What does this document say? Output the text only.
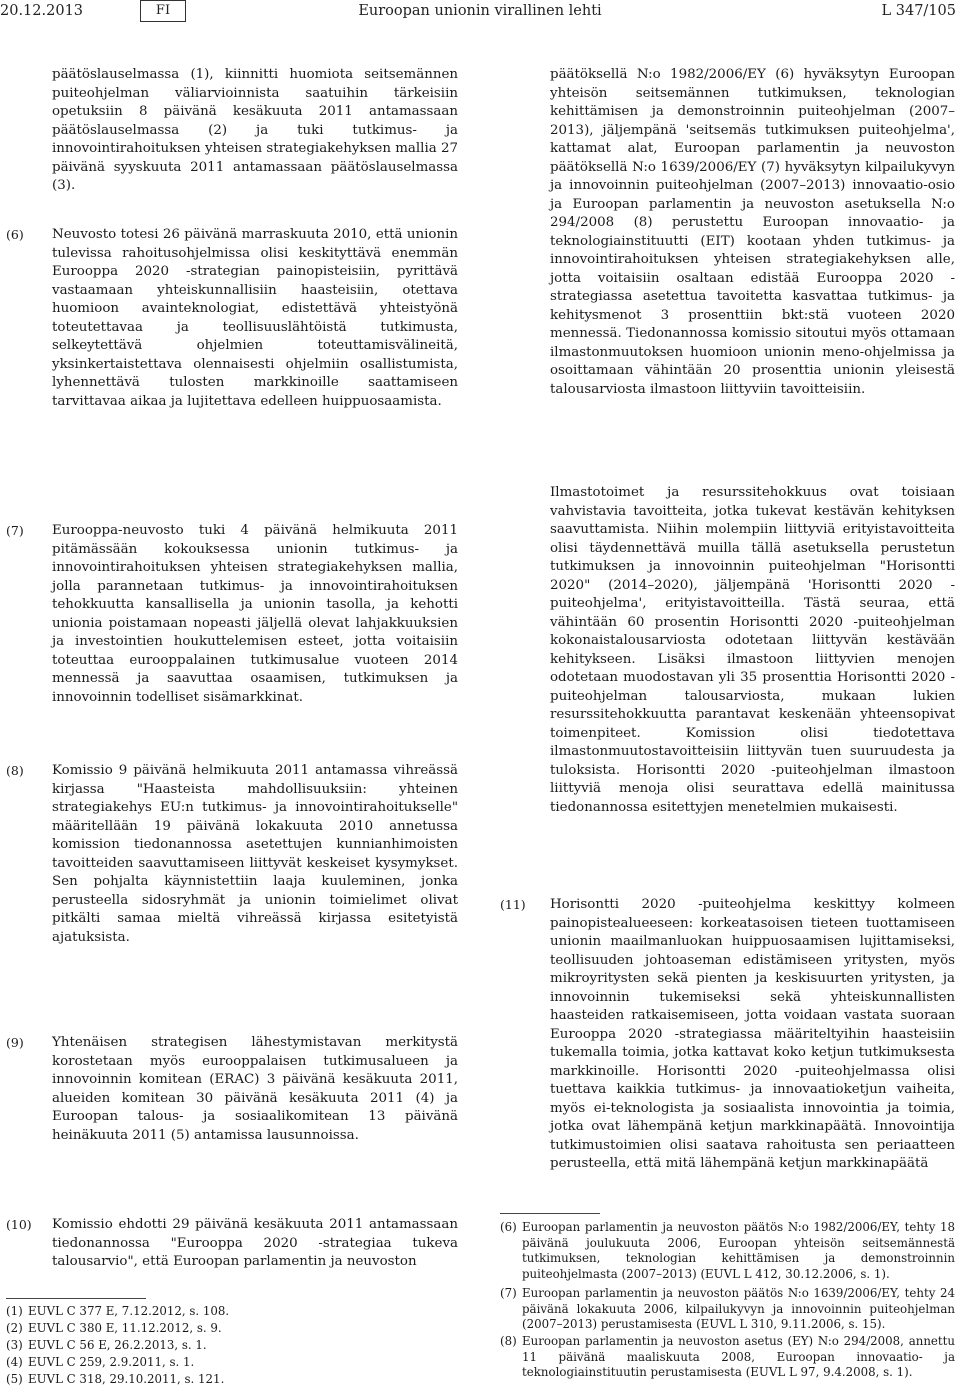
20.12.2013	FI	Euroopan unionin virallinen lehti	L 347/105
päätöslauselmassa (1), kiinnitti huomiota seitsemännen puiteohjelman väliarvioinnista saatuihin tärkeisiin opetuksiin 8 päivänä kesäkuuta 2011 antamassaan päätöslauselmassa (2) ja tuki tutkimus- ja innovointirahoituksen yhteisen strategiakehyksen mallia 27 päivänä syyskuuta 2011 antamassaan päätöslauselmassa (3).
(6) Neuvosto totesi 26 päivänä marraskuuta 2010, että unionin tulevissa rahoitusohjelmissa olisi keskityttävä enemmän Eurooppa 2020 -strategian painopisteisiin, pyrittävä vastaamaan yhteiskunnallisiin haasteisiin, otettava huomioon avainteknologiat, edistettävä yhteistyönä toteutettavaa ja teollisuuslähtöistä tutkimusta, selkeytettävä ohjelmien toteuttamisvälineitä, yksinkertaistettava olennaisesti ohjelmiin osallistumista, lyhennettävä tulosten markkinoille saattamiseen tarvittavaa aikaa ja lujitettava edelleen huippuosaamista.
(7) Eurooppa-neuvosto tuki 4 päivänä helmikuuta 2011 pitämässään kokouksessa unionin tutkimus- ja innovointirahoituksen yhteisen strategiakehyksen mallia, jolla parannetaan tutkimus- ja innovointirahoituksen tehokkuutta kansallisella ja unionin tasolla, ja kehotti unionia poistamaan nopeasti jäljellä olevat lahjakkuuksien ja investointien houkuttelemisen esteet, jotta voitaisiin toteuttaa eurooppalainen tutkimusalue vuoteen 2014 mennessä ja saavuttaa osaamisen, tutkimuksen ja innovoinnin todelliset sisämarkkinat.
(8) Komissio 9 päivänä helmikuuta 2011 antamassa vihreässä kirjassa "Haasteista mahdollisuuksiin: yhteinen strategiakehys EU:n tutkimus- ja innovointirahoitukselle" määritellään 19 päivänä lokakuuta 2010 annetussa komission tiedonannossa asetettujen kunnianhimoisten tavoitteiden saavuttamiseen liittyvät keskeiset kysymykset. Sen pohjalta käynnistettiin laaja kuuleminen, jonka perusteella sidosryhmät ja unionin toimielimet olivat pitkälti samaa mieltä vihreässä kirjassa esitetyistä ajatuksista.
(9) Yhtenäisen strategisen lähestymistavan merkitystä korostetaan myös eurooppalaisen tutkimusalueen ja innovoinnin komitean (ERAC) 3 päivänä kesäkuuta 2011, alueiden komitean 30 päivänä kesäkuuta 2011 (4) ja Euroopan talous- ja sosiaalikomitean 13 päivänä heinäkuuta 2011 (5) antamissa lausunnoissa.
(10) Komissio ehdotti 29 päivänä kesäkuuta 2011 antamassaan tiedonannossa "Eurooppa 2020 -strategiaa tukeva talousarvio", että Euroopan parlamentin ja neuvoston
päätöksellä N:o 1982/2006/EY (6) hyväksytyn Euroopan yhteisön seitsemännen tutkimuksen, teknologian kehittämisen ja demonstroinnin puiteohjelman (2007–2013), jäljempänä 'seitsemäs tutkimuksen puiteohjelma', kattamat alat, Euroopan parlamentin ja neuvoston päätöksellä N:o 1639/2006/EY (7) hyväksytyn kilpailukyvyn ja innovoinnin puiteohjelman (2007–2013) innovaatio-osio ja Euroopan parlamentin ja neuvoston asetuksella N:o 294/2008 (8) perustettu Euroopan innovaatio- ja teknologiainstituutti (EIT) kootaan yhden tutkimus- ja innovointirahoituksen yhteisen strategiakehyksen alle, jotta voitaisiin osaltaan edistää Eurooppa 2020 -strategiassa asetettua tavoitetta kasvattaa tutkimus- ja kehitysmenot 3 prosenttiin bkt:stä vuoteen 2020 mennessä. Tiedonannossa komissio sitoutui myös ottamaan ilmastonmuutoksen huomioon unionin meno-ohjelmissa ja osoittamaan vähintään 20 prosenttia unionin yleisestä talousarviosta ilmastoon liittyviin tavoitteisiin.
Ilmastotoimet ja resurssitehokkuus ovat toisiaan vahvistavia tavoitteita, jotka tukevat kestävän kehityksen saavuttamista. Niihin molempiin liittyviä erityistavoitteita olisi täydennettävä muilla tällä asetuksella perustetun tutkimuksen ja innovoinnin puiteohjelman "Horisontti 2020" (2014–2020), jäljempänä 'Horisontti 2020 -puiteohjelma', erityistavoitteilla. Tästä seuraa, että vähintään 60 prosentin Horisontti 2020 -puiteohjelman kokonaistalousarviosta odotetaan liittyvän kestävään kehitykseen. Lisäksi ilmastoon liittyvien menojen odotetaan muodostavan yli 35 prosenttia Horisontti 2020 -puiteohjelman talousarviosta, mukaan lukien resurssitehokkuutta parantavat keskenään yhteensopivat toimenpiteet. Komission olisi tiedotettava ilmastonmuutostavoitteisiin liittyvän tuen suuruudesta ja tuloksista. Horisontti 2020 -puiteohjelman ilmastoon liittyviä menoja olisi seurattava edellä mainitussa tiedonannossa esitettyjen menetelmien mukaisesti.
(11) Horisontti 2020 -puiteohjelma keskittyy kolmeen painopistealueeseen: korkeatasoisen tieteen tuottamiseen unionin maailmanluokan huippuosaamisen lujittamiseksi, teollisuuden johtoaseman edistämiseen yritysten, myös mikroyritysten sekä pienten ja keskisuurten yritysten, ja innovoinnin tukemiseksi sekä yhteiskunnallisten haasteiden ratkaisemiseen, jotta voidaan vastata suoraan Eurooppa 2020 -strategiassa määriteltyihin haasteisiin tukemalla toimia, jotka kattavat koko ketjun tutkimuksesta markkinoille. Horisontti 2020 -puiteohjelmassa olisi tuettava kaikkia tutkimus- ja innovaatioketjun vaiheita, myös ei-teknologista ja sosiaalista innovointia ja toimia, jotka ovat lähempänä ketjun markkinapäätä. Innovointija tutkimustoimien olisi saatava rahoitusta sen periaatteen perusteella, että mitä lähempänä ketjun markkinapäätä
(1) EUVL C 377 E, 7.12.2012, s. 108.
(2) EUVL C 380 E, 11.12.2012, s. 9.
(3) EUVL C 56 E, 26.2.2013, s. 1.
(4) EUVL C 259, 2.9.2011, s. 1.
(5) EUVL C 318, 29.10.2011, s. 121.
(6) Euroopan parlamentin ja neuvoston päätös N:o 1982/2006/EY, tehty 18 päivänä joulukuuta 2006, Euroopan yhteisön seitsemännestä tutkimuksen, teknologian kehittämisen ja demonstroinnin puiteohjelmasta (2007–2013) (EUVL L 412, 30.12.2006, s. 1).
(7) Euroopan parlamentin ja neuvoston päätös N:o 1639/2006/EY, tehty 24 päivänä lokakuuta 2006, kilpailukyvyn ja innovoinnin puiteohjelman (2007–2013) perustamisesta (EUVL L 310, 9.11.2006, s. 15).
(8) Euroopan parlamentin ja neuvoston asetus (EY) N:o 294/2008, annettu 11 päivänä maaliskuuta 2008, Euroopan innovaatio- ja teknologiainstituutin perustamisesta (EUVL L 97, 9.4.2008, s. 1).
